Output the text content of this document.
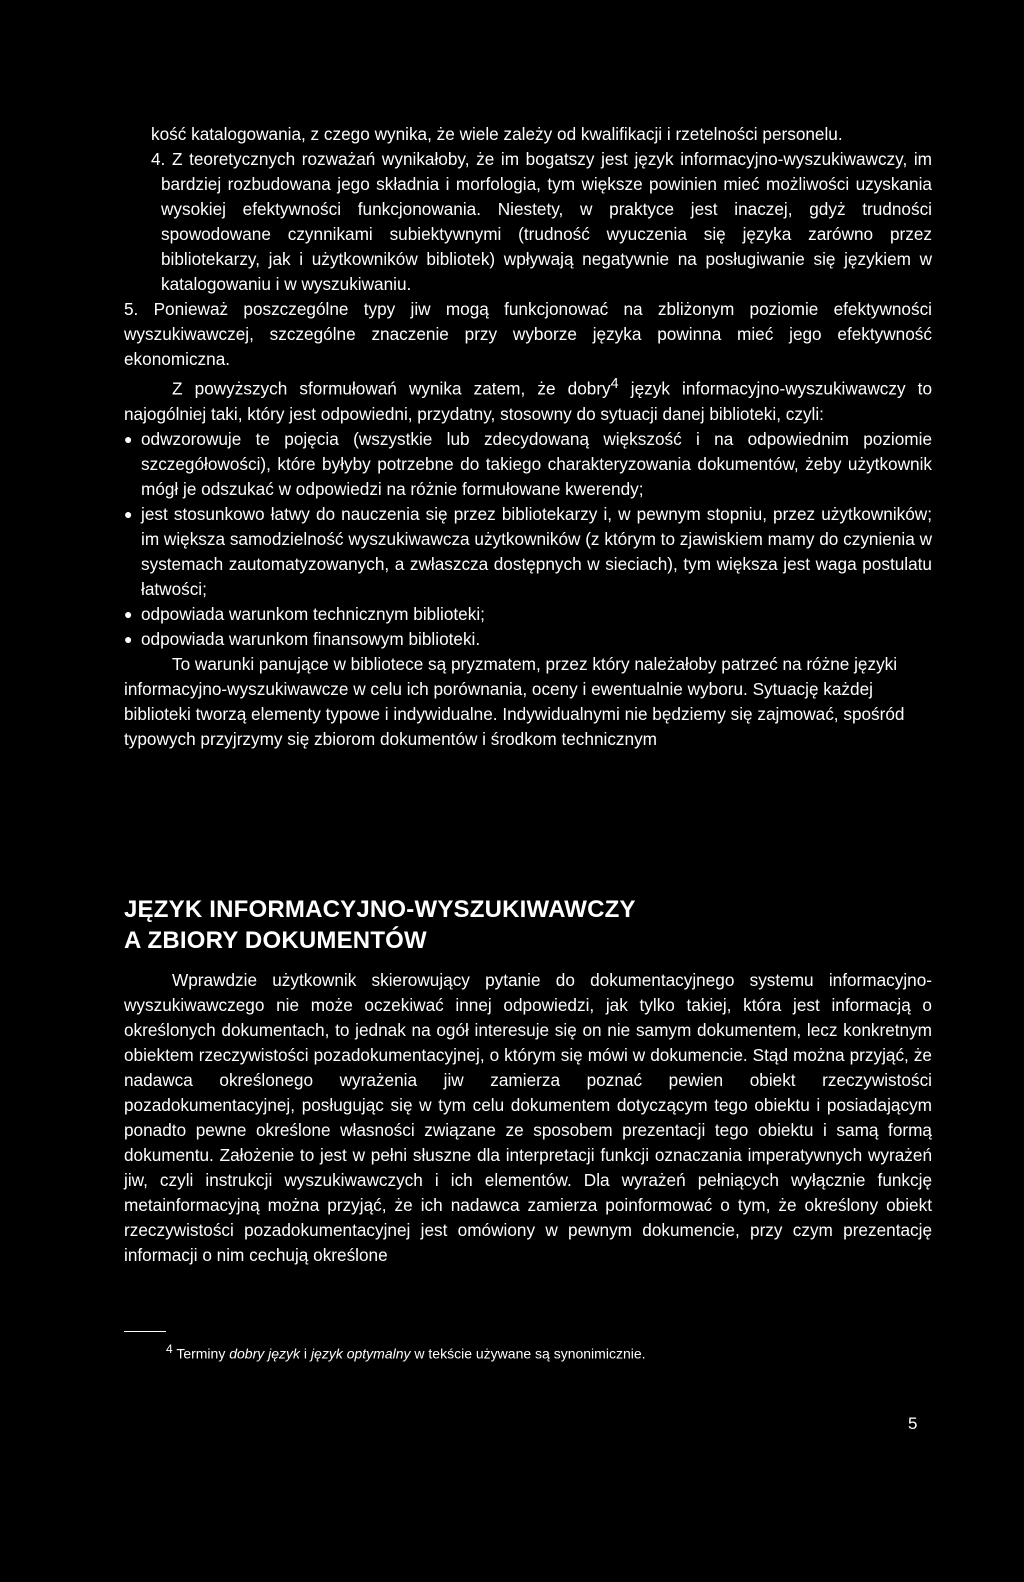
kość katalogowania, z czego wynika, że wiele zależy od kwalifikacji i rzetelności personelu.

4. Z teoretycznych rozważań wynikałoby, że im bogatszy jest język informacyjno-wyszukiwawczy, im bardziej rozbudowana jego składnia i morfologia, tym większe powinien mieć możliwości uzyskania wysokiej efektywności funkcjonowania. Niestety, w praktyce jest inaczej, gdyż trudności spowodowane czynnikami subiektywnymi (trudność wyuczenia się języka zarówno przez bibliotekarzy, jak i użytkowników bibliotek) wpływają negatywnie na posługiwanie się językiem w katalogowaniu i w wyszukiwaniu.

5. Ponieważ poszczególne typy jiw mogą funkcjonować na zbliżonym poziomie efektywności wyszukiwawczej, szczególne znaczenie przy wyborze języka powinna mieć jego efektywność ekonomiczna.

Z powyższych sformułowań wynika zatem, że dobry$^4$ język informacyjno-wyszukiwawczy to najogólniej taki, który jest odpowiedni, przydatny, stosowny do sytuacji danej biblioteki, czyli:

● odwzorowuje te pojęcia (wszystkie lub zdecydowaną większość i na odpowiednim poziomie szczegółowości), które byłyby potrzebne do takiego charakteryzowania dokumentów, żeby użytkownik mógł je odszukać w odpowiedzi na różnie formułowane kwerendy;
● jest stosunkowo łatwy do nauczenia się przez bibliotekarzy i, w pewnym stopniu, przez użytkowników; im większa samodzielność wyszukiwawcza użytkowników (z którym to zjawiskiem mamy do czynienia w systemach zautomatyzowanych, a zwłaszcza dostępnych w sieciach), tym większa jest waga postulatu łatwości;
● odpowiada warunkom technicznym biblioteki;
● odpowiada warunkom finansowym biblioteki.

To warunki panujące w bibliotece są pryzmatem, przez który należałoby patrzeć na różne języki informacyjno-wyszukiwawcze w celu ich porównania, oceny i ewentualnie wyboru. Sytuację każdej biblioteki tworzą elementy typowe i indywidualne. Indywidualnymi nie będziemy się zajmować, spośród typowych przyjrzymy się zbiorom dokumentów i środkom technicznym

JĘZYK INFORMACYJNO-WYSZUKIWAWCZY
A ZBIORY DOKUMENTÓW

Wprawdzie użytkownik skierowujący pytanie do dokumentacyjnego systemu informacyjno-wyszukiwawczego nie może oczekiwać innej odpowiedzi, jak tylko takiej, która jest informacją o określonych dokumentach, to jednak na ogół interesuje się on nie samym dokumentem, lecz konkretnym obiektem rzeczywistości pozadokumentacyjnej, o którym się mówi w dokumencie. Stąd można przyjąć, że nadawca określonego wyrażenia jiw zamierza poznać pewien obiekt rzeczywistości pozadokumentacyjnej, posługując się w tym celu dokumentem dotyczącym tego obiektu i posiadającym ponadto pewne określone własności związane ze sposobem prezentacji tego obiektu i samą formą dokumentu. Założenie to jest w pełni słuszne dla interpretacji funkcji oznaczania imperatywnych wyrażeń jiw, czyli instrukcji wyszukiwawczych i ich elementów. Dla wyrażeń pełniących wyłącznie funkcję metainformacyjną można przyjąć, że ich nadawca zamierza poinformować o tym, że określony obiekt rzeczywistości pozadokumentacyjnej jest omówiony w pewnym dokumencie, przy czym prezentację informacji o nim cechują określone

$^4$ Terminy dobry język i język optymalny w tekście używane są synonimicznie.
5
